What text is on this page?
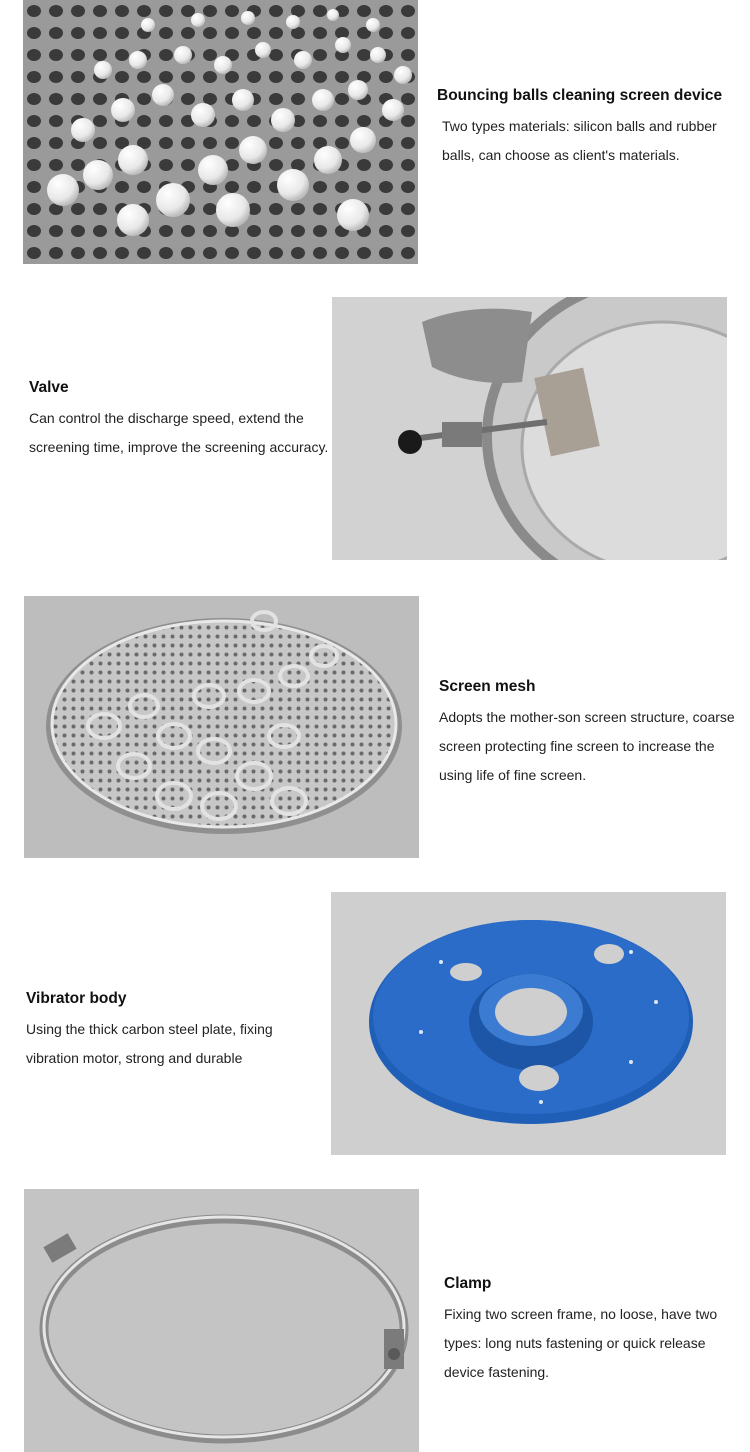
Bouncing balls cleaning screen device

Two types materials: silicon balls and rubber balls, can choose as client's materials.

Valve

Can control the discharge speed, extend the screening time, improve the screening accuracy.

Screen mesh

Adopts the mother-son screen structure, coarse screen protecting fine screen to increase the using life of fine screen.

Vibrator body

Using the thick carbon steel plate, fixing vibration motor, strong and durable

Clamp

Fixing two screen frame, no loose, have two types: long nuts fastening or quick release device fastening.
